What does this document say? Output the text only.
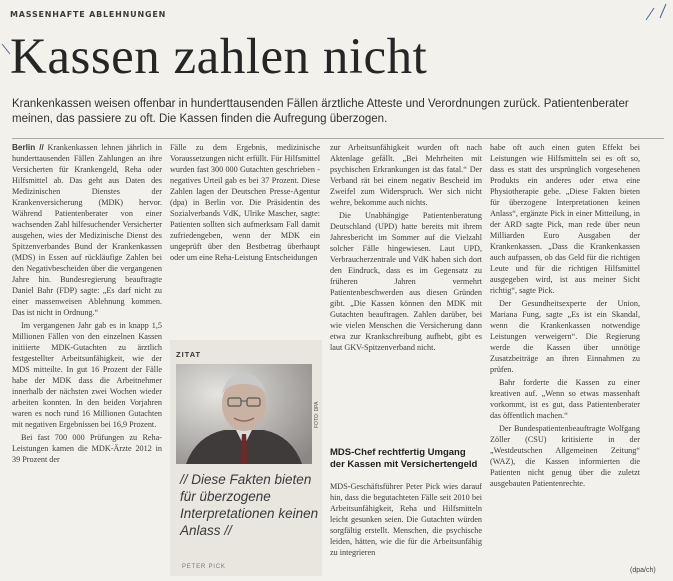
MASSENHAFTE ABLEHNUNGEN
Kassen zahlen nicht
Krankenkassen weisen offenbar in hunderttausenden Fällen ärztliche Atteste und Verordnungen zurück. Patientenberater meinen, das passiere zu oft. Die Kassen finden die Aufregung überzogen.

Berlin // Krankenkassen lehnen jährlich in hunderttausenden Fällen Zahlungen an ihre Versicherten für Krankengeld, Reha oder Hilfsmittel ab. Das geht aus Daten des Medizinischen Dienstes der Krankenversicherung (MDK) hervor. Während Patientenberater von einer wachsenden Zahl hilfesuchender Versicherter ausgehen, wies der Medizinische Dienst des Spitzenverbandes Bund der Krankenkassen (MDS) in Essen auf rückläufige Zahlen bei den Negativbescheiden über die vergangenen Jahre hin. Bundesregierung beauftragte Daniel Bahr (FDP) sagte: „Es darf nicht zu einer massenweisen Ablehnung kommen. Das ist nicht in Ordnung.“

Im vergangenen Jahr gab es in knapp 1,5 Millionen Fällen von den einzelnen Kassen initiierte MDK-Gutachten zu ärztlich festgestellter Arbeitsunfähigkeit, wie der MDS mitteilte. In gut 16 Prozent der Fälle habe der MDK dass die Arbeitnehmer innerhalb der nächsten zwei Wochen wieder arbeiten konnten. In den beiden Vorjahren waren es noch rund 16 Millionen Gutachten mit negativen Ergebnissen bei 16,9 Prozent.

Bei fast 700 000 Prüfungen zu Reha-Leistungen kamen die MDK-Ärzte 2012 in 39 Prozent der

Fälle zu dem Ergebnis, medizinische Voraussetzungen nicht erfüllt. Für Hilfsmittel wurden fast 300 000 Gutachten geschrieben - negatives Urteil gab es bei 37 Prozent. Diese Zahlen lagen der Deutschen Presse-Agentur (dpa) in Berlin vor. Die Präsidentin des Sozialverbands VdK, Ulrike Mascher, sagte: Patienten sollten sich aufmerksam Fall damit zufriedengeben, wenn der MDK ein ungeprüft über den Bestbetrag überhaupt oder um eine Reha-Leistung Entscheidungen

ZITAT
FOTO: DPA
// Diese Fakten bieten für überzogene Interpretationen keinen Anlass //
PETER PICK

zur Arbeitsunfähigkeit wurden oft nach Aktenlage gefällt. „Bei Mehrheiten mit psychischen Erkrankungen ist das fatal.“ Der Verband rät bei einem negativ Bescheid im Zweifel zum Widerspruch. Wer sich nicht wehre, bekomme auch nichts.

Die Unabhängige Patientenberatung Deutschland (UPD) hatte bereits mit ihrem Jahresbericht im Sommer auf die Vielzahl solcher Fälle hingewiesen. Laut UPD, Verbraucherzentrale und VdK haben sich dort den Eindruck, dass es im Gegensatz zu früheren Jahren vermehrt Patientenbeschwerden aus diesen Gründen gibt. „Die Kassen können den MDK mit Gutachten beauftragen. Zahlen darüber, bei wie vielen Menschen die Versicherung dann etwa zur Krankschreibung aufhebt, gibt es laut GKV-Spitzenverband nicht.

MDS-Chef rechtfertig Umgang der Kassen mit Versichertengeld

MDS-Geschäftsführer Peter Pick wies darauf hin, dass die begutachteten Fälle seit 2010 bei Arbeitsunfähigkeit, Reha und Hilfsmitteln leicht gesunken seien. Die Gutachten würden sorgfältig erstellt. Menschen, die psychische leiden, hätten, wie die für die Arbeitsunfähig zu integrieren

habe oft auch einen guten Effekt bei Leistungen wie Hilfsmitteln sei es oft so, dass es statt des ursprünglich vorgesehenen Produkts ein anderes oder etwa eine Physiotherapie gebe. „Diese Fakten bieten für überzogene Interpretationen keinen Anlass“, ergänzte Pick in einer Mitteilung, in der ARD sagte Pick, man rede über neun Milliarden Euro Ausgaben der Krankenkassen. „Dass die Krankenkassen auch aufpassen, ob das Geld für die richtigen Leute und für die richtigen Hilfsmittel ausgegeben wird, ist aus meiner Sicht richtig“, sagte Pick.

Der Gesundheitsexperte der Union, Mariana Fung, sagte „Es ist ein Skandal, wenn die Krankenkassen notwendige Leistungen verweigern“. Die Regierung werde die Kassen über unnötige Zusatzbeiträge an ihren Einnahmen zu prüfen.

Bahr forderte die Kassen zu einer kreativen auf. „Wenn so etwas massenhaft vorkommt, ist es gut, dass Patientenberater das öffentlich machen.“

Der Bundespatientenbeauftragte Wolfgang Zöller (CSU) kritisierte in der „Westdeutschen Allgemeinen Zeitung“ (WAZ), die Kassen informierten die Patienten nicht genug über die zuletzt ausgebauten Patientenrechte.

(dpa/ch)
